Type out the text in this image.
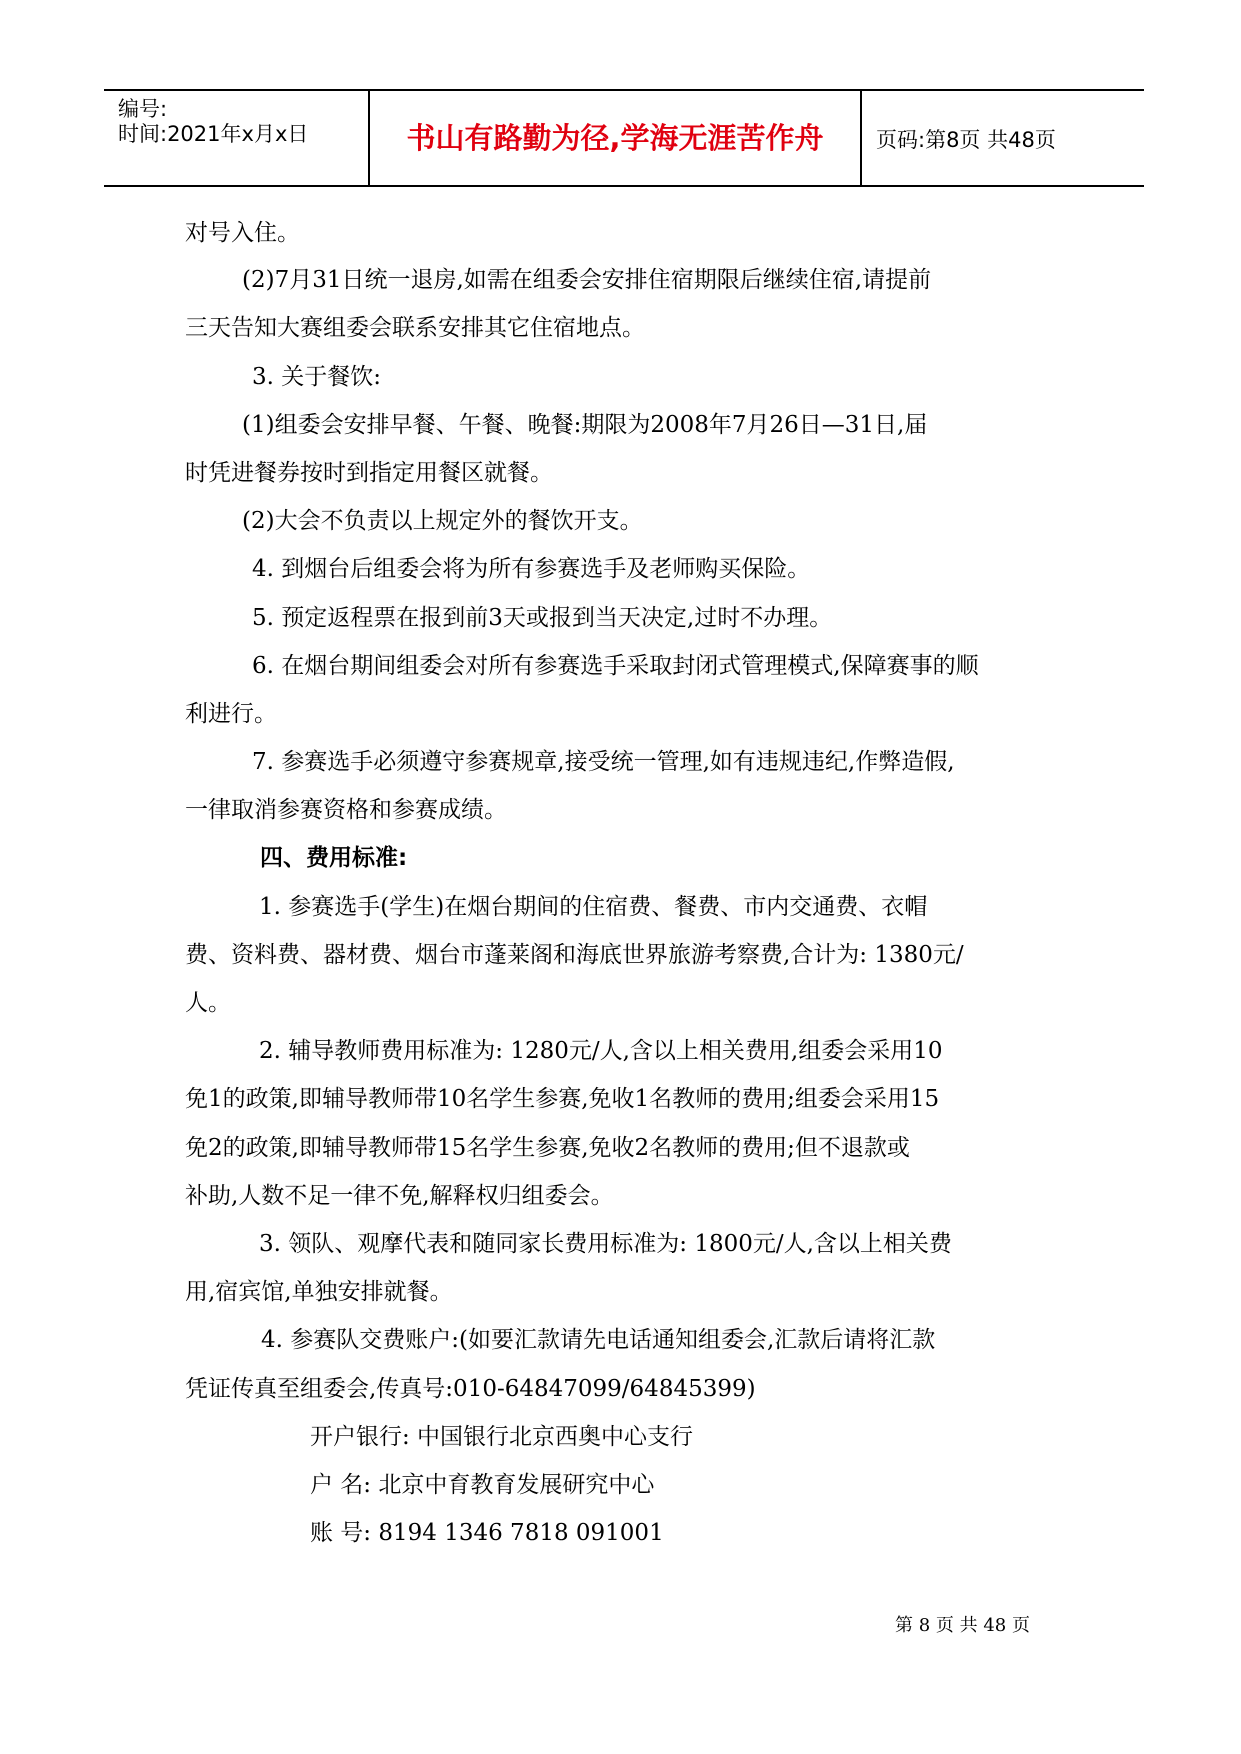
编号:
时间:2021年x月x日	书山有路勤为径,学海无涯苦作舟	页码:第8页 共48页
对号入住。
(2)7月31日统一退房,如需在组委会安排住宿期限后继续住宿,请提前
三天告知大赛组委会联系安排其它住宿地点。
3. 关于餐饮:
(1)组委会安排早餐、午餐、晚餐:期限为2008年7月26日—31日,届
时凭进餐券按时到指定用餐区就餐。
(2)大会不负责以上规定外的餐饮开支。
4. 到烟台后组委会将为所有参赛选手及老师购买保险。
5. 预定返程票在报到前3天或报到当天决定,过时不办理。
6. 在烟台期间组委会对所有参赛选手采取封闭式管理模式,保障赛事的顺
利进行。
7. 参赛选手必须遵守参赛规章,接受统一管理,如有违规违纪,作弊造假,
一律取消参赛资格和参赛成绩。
四、费用标准:
1. 参赛选手(学生)在烟台期间的住宿费、餐费、市内交通费、衣帽
费、资料费、器材费、烟台市蓬莱阁和海底世界旅游考察费,合计为: 1380元/
人。
2. 辅导教师费用标准为: 1280元/人,含以上相关费用,组委会采用10
免1的政策,即辅导教师带10名学生参赛,免收1名教师的费用;组委会采用15
免2的政策,即辅导教师带15名学生参赛,免收2名教师的费用;但不退款或
补助,人数不足一律不免,解释权归组委会。
3. 领队、观摩代表和随同家长费用标准为: 1800元/人,含以上相关费
用,宿宾馆,单独安排就餐。
4. 参赛队交费账户:(如要汇款请先电话通知组委会,汇款后请将汇款
凭证传真至组委会,传真号:010-64847099/64845399)
开户银行: 中国银行北京西奥中心支行
户 名: 北京中育教育发展研究中心
账 号: 8194 1346 7818 091001
第 8 页 共 48 页
